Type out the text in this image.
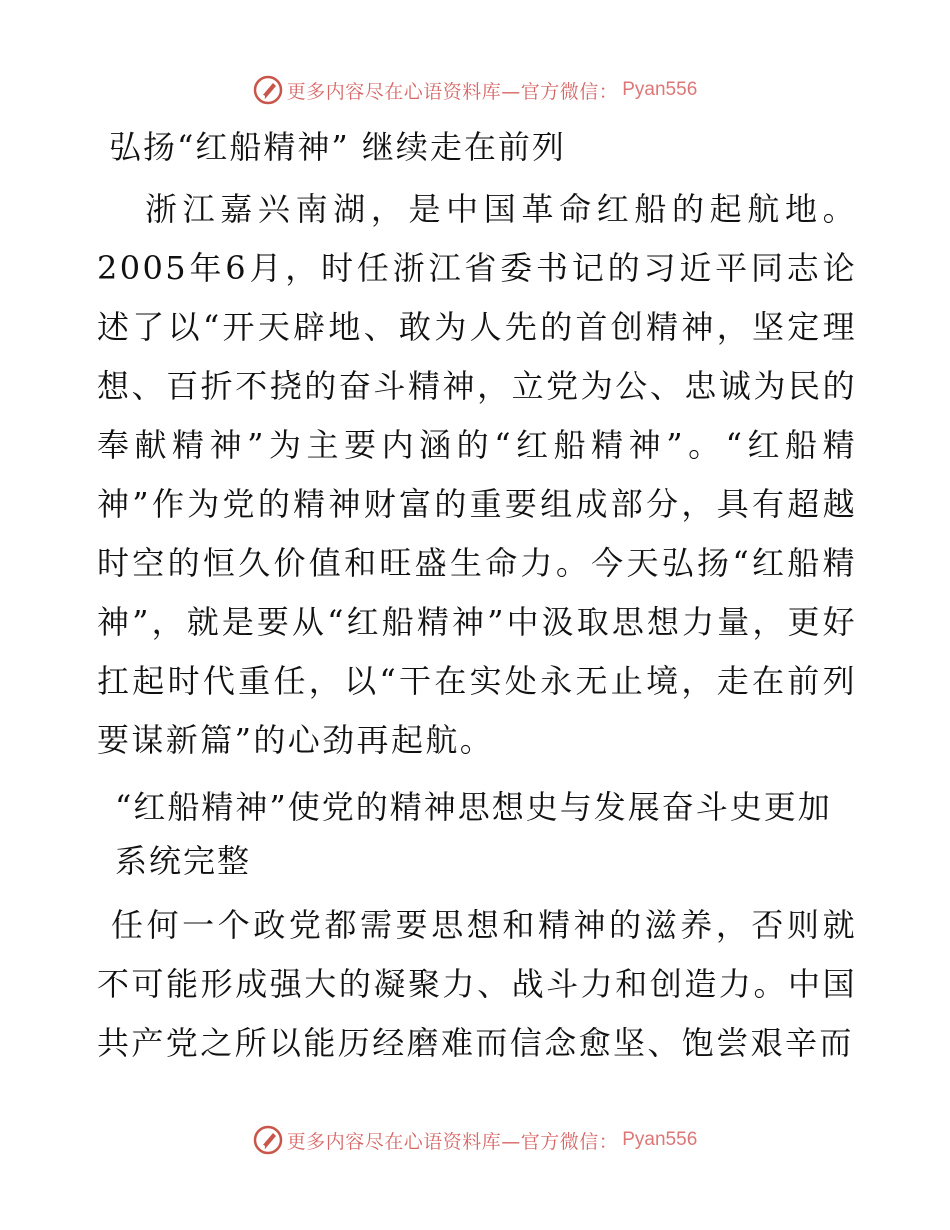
更多内容尽在心语资料库—官方微信： Pyan556
弘扬“红船精神” 继续走在前列

浙江嘉兴南湖，是中国革命红船的起航地。2005年6月，时任浙江省委书记的习近平同志论述了以“开天辟地、敢为人先的首创精神，坚定理想、百折不挠的奋斗精神，立党为公、忠诚为民的奉献精神”为主要内涵的“红船精神”。“红船精神”作为党的精神财富的重要组成部分，具有超越时空的恒久价值和旺盛生命力。今天弘扬“红船精神”，就是要从“红船精神”中汲取思想力量，更好扛起时代重任，以“干在实处永无止境，走在前列要谋新篇”的心劲再起航。

“红船精神”使党的精神思想史与发展奋斗史更加系统完整

任何一个政党都需要思想和精神的滋养，否则就不可能形成强大的凝聚力、战斗力和创造力。中国共产党之所以能历经磨难而信念愈坚、饱尝艰辛而

更多内容尽在心语资料库—官方微信： Pyan556
